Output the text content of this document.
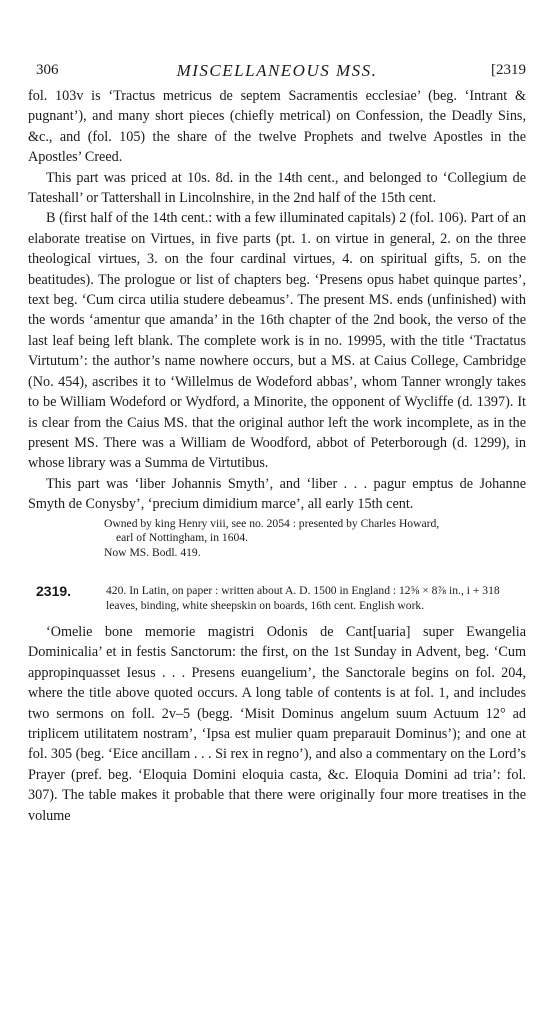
306	MISCELLANEOUS MSS.	[2319

fol. 103v is ‘Tractus metricus de septem Sacramentis ecclesiae’ (beg. ‘Intrant & pugnant’), and many short pieces (chiefly metrical) on Confession, the Deadly Sins, &c., and (fol. 105) the share of the twelve Prophets and twelve Apostles in the Apostles’ Creed.

This part was priced at 10s. 8d. in the 14th cent., and belonged to ‘Collegium de Tateshall’ or Tattershall in Lincolnshire, in the 2nd half of the 15th cent.

B (first half of the 14th cent.: with a few illuminated capitals) 2 (fol. 106). Part of an elaborate treatise on Virtues, in five parts (pt. 1. on virtue in general, 2. on the three theological virtues, 3. on the four cardinal virtues, 4. on spiritual gifts, 5. on the beatitudes). The prologue or list of chapters beg. ‘Presens opus habet quinque partes’, text beg. ‘Cum circa utilia studere debeamus’. The present MS. ends (unfinished) with the words ‘amentur que amanda’ in the 16th chapter of the 2nd book, the verso of the last leaf being left blank. The complete work is in no. 19995, with the title ‘Tractatus Virtutum’: the author’s name nowhere occurs, but a MS. at Caius College, Cambridge (No. 454), ascribes it to ‘Willelmus de Wodeford abbas’, whom Tanner wrongly takes to be William Wodeford or Wydford, a Minorite, the opponent of Wycliffe (d. 1397). It is clear from the Caius MS. that the original author left the work incomplete, as in the present MS. There was a William de Woodford, abbot of Peterborough (d. 1299), in whose library was a Summa de Virtutibus.

This part was ‘liber Johannis Smyth’, and ‘liber . . . pagur emptus de Johanne Smyth de Conysby’, ‘precium dimidium marce’, all early 15th cent.

Owned by king Henry viii, see no. 2054 : presented by Charles Howard,
earl of Nottingham, in 1604.
Now MS. Bodl. 419.
2319.	420. In Latin, on paper : written about A. D. 1500 in England : 12⅝ × 8⅞ in., i + 318 leaves, binding, white sheepskin on boards, 16th cent. English work.

‘Omelie bone memorie magistri Odonis de Cant[uaria] super Ewangelia Dominicalia’ et in festis Sanctorum: the first, on the 1st Sunday in Advent, beg. ‘Cum appropinquasset Iesus . . . Presens euangelium’, the Sanctorale begins on fol. 204, where the title above quoted occurs. A long table of contents is at fol. 1, and includes two sermons on foll. 2v–5 (begg. ‘Misit Dominus angelum suum Actuum 12° ad triplicem utilitatem nostram’, ‘Ipsa est mulier quam preparauit Dominus’); and one at fol. 305 (beg. ‘Eice ancillam . . . Si rex in regno’), and also a commentary on the Lord’s Prayer (pref. beg. ‘Eloquia Domini eloquia casta, &c. Eloquia Domini ad tria’: fol. 307). The table makes it probable that there were originally four more treatises in the volume
